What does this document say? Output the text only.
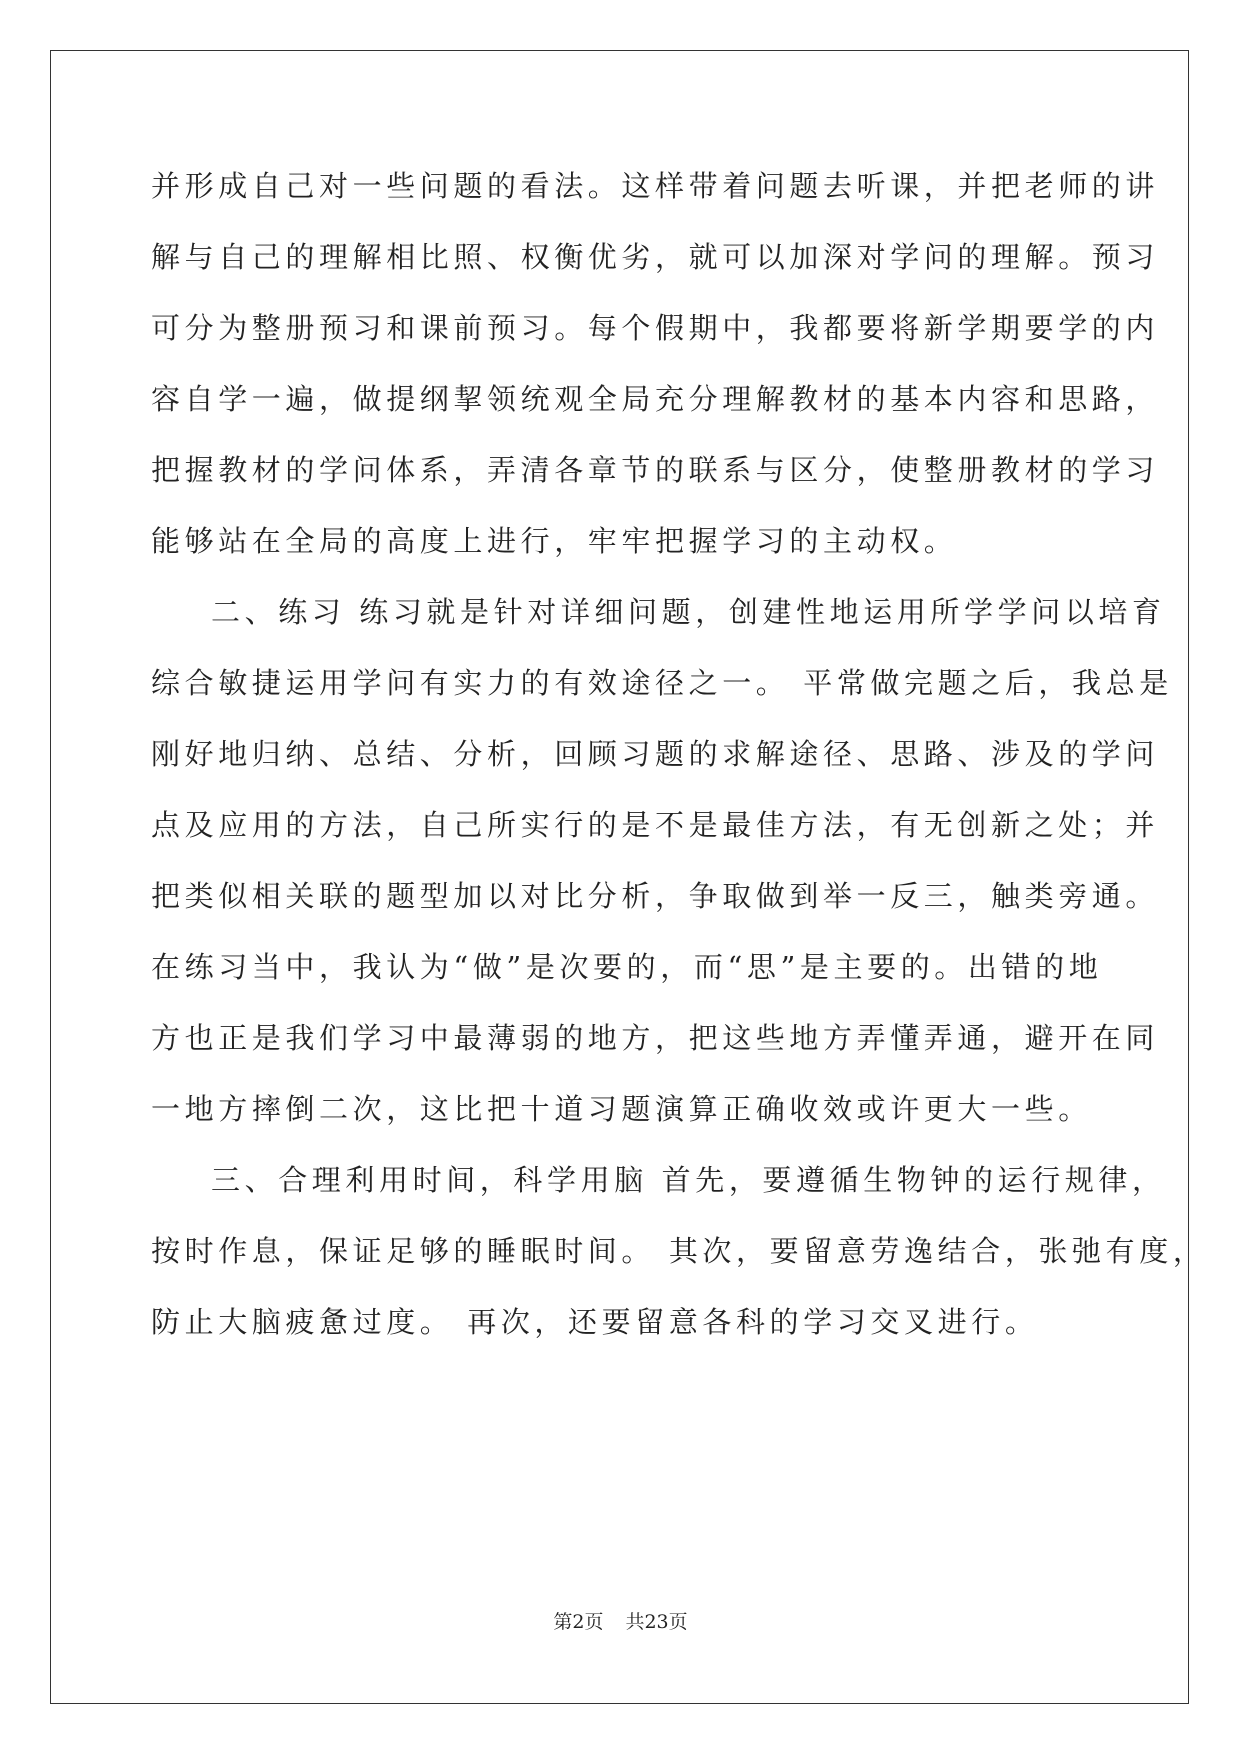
并形成自己对一些问题的看法。这样带着问题去听课，并把老师的讲
解与自己的理解相比照、权衡优劣，就可以加深对学问的理解。预习
可分为整册预习和课前预习。每个假期中，我都要将新学期要学的内
容自学一遍，做提纲挈领统观全局充分理解教材的基本内容和思路，
把握教材的学问体系，弄清各章节的联系与区分，使整册教材的学习
能够站在全局的高度上进行，牢牢把握学习的主动权。
二、练习 练习就是针对详细问题，创建性地运用所学学问以培育
综合敏捷运用学问有实力的有效途径之一。 平常做完题之后，我总是
刚好地归纳、总结、分析，回顾习题的求解途径、思路、涉及的学问
点及应用的方法，自己所实行的是不是最佳方法，有无创新之处；并
把类似相关联的题型加以对比分析，争取做到举一反三，触类旁通。
在练习当中，我认为“做”是次要的，而“思”是主要的。出错的地
方也正是我们学习中最薄弱的地方，把这些地方弄懂弄通，避开在同
一地方摔倒二次，这比把十道习题演算正确收效或许更大一些。
三、合理利用时间，科学用脑 首先，要遵循生物钟的运行规律，
按时作息，保证足够的睡眠时间。 其次，要留意劳逸结合，张弛有度，
防止大脑疲惫过度。 再次，还要留意各科的学习交叉进行。
第2页 共23页
